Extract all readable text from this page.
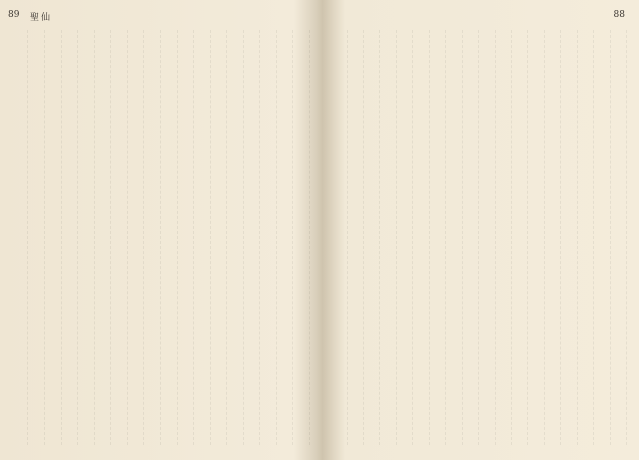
89 聖仙	88
